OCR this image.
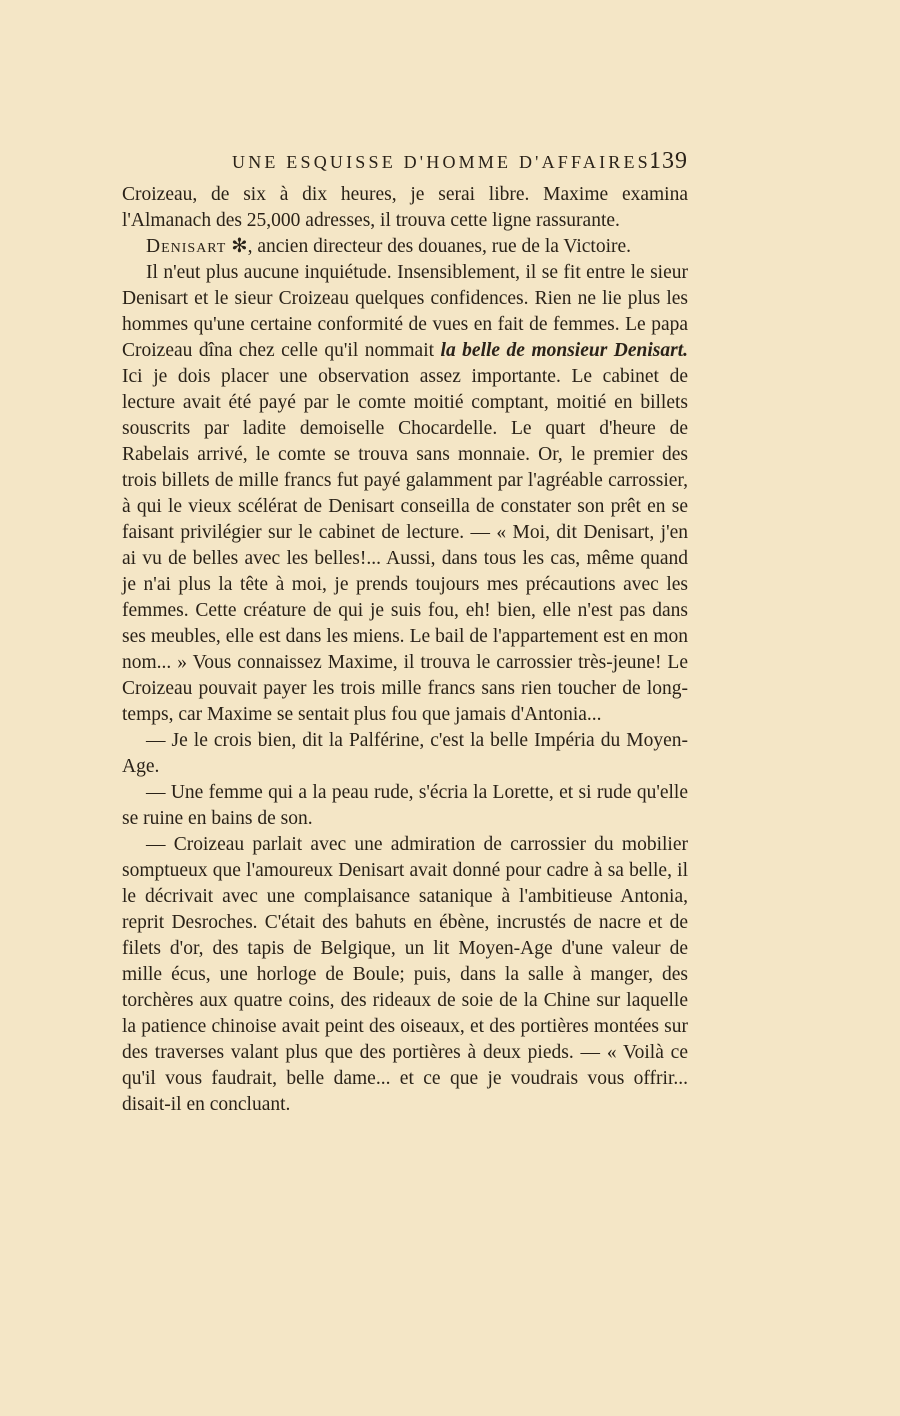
UNE ESQUISSE D'HOMME D'AFFAIRES.
139

Croizeau, de six à dix heures, je serai libre. Maxime examina l'Almanach des 25,000 adresses, il trouva cette ligne rassurante.

Denisart ✻, ancien directeur des douanes, rue de la Victoire.

Il n'eut plus aucune inquiétude. Insensiblement, il se fit entre le sieur Denisart et le sieur Croizeau quelques confidences. Rien ne lie plus les hommes qu'une certaine conformité de vues en fait de femmes. Le papa Croizeau dîna chez celle qu'il nommait la belle de monsieur Denisart. Ici je dois placer une observation assez importante. Le cabinet de lecture avait été payé par le comte moitié comptant, moitié en billets souscrits par ladite demoiselle Chocardelle. Le quart d'heure de Rabelais arrivé, le comte se trouva sans monnaie. Or, le premier des trois billets de mille francs fut payé galamment par l'agréable carrossier, à qui le vieux scélérat de Denisart conseilla de constater son prêt en se faisant privilégier sur le cabinet de lecture. — « Moi, dit Denisart, j'en ai vu de belles avec les belles!... Aussi, dans tous les cas, même quand je n'ai plus la tête à moi, je prends toujours mes précautions avec les femmes. Cette créature de qui je suis fou, eh! bien, elle n'est pas dans ses meubles, elle est dans les miens. Le bail de l'appartement est en mon nom... » Vous connaissez Maxime, il trouva le carrossier très-jeune! Le Croizeau pouvait payer les trois mille francs sans rien toucher de long-temps, car Maxime se sentait plus fou que jamais d'Antonia...

— Je le crois bien, dit la Palférine, c'est la belle Impéria du Moyen-Age.

— Une femme qui a la peau rude, s'écria la Lorette, et si rude qu'elle se ruine en bains de son.

— Croizeau parlait avec une admiration de carrossier du mobilier somptueux que l'amoureux Denisart avait donné pour cadre à sa belle, il le décrivait avec une complaisance satanique à l'ambitieuse Antonia, reprit Desroches. C'était des bahuts en ébène, incrustés de nacre et de filets d'or, des tapis de Belgique, un lit Moyen-Age d'une valeur de mille écus, une horloge de Boule; puis, dans la salle à manger, des torchères aux quatre coins, des rideaux de soie de la Chine sur laquelle la patience chinoise avait peint des oiseaux, et des portières montées sur des traverses valant plus que des portières à deux pieds. — « Voilà ce qu'il vous faudrait, belle dame... et ce que je voudrais vous offrir... disait-il en concluant.
